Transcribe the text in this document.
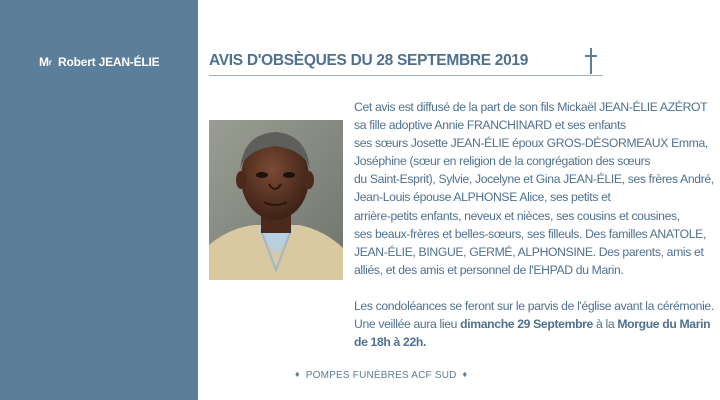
$M^r$ Robert JEAN-ÉLIE	AVIS D'OBSÈQUES DU 28 SEPTEMBRE 2019
Cet avis est diffusé de la part de son fils Mickaël JEAN-ÉLIE AZÉROT
sa fille adoptive Annie FRANCHINARD et ses enfants
ses sœurs Josette JEAN-ÉLIE époux GROS-DÉSORMEAUX Emma,
Joséphine (sœur en religion de la congrégation des sœurs
du Saint-Esprit), Sylvie, Jocelyne et Gina JEAN-ÉLIE, ses frères André,
Jean-Louis épouse ALPHONSE Alice, ses petits et
arrière-petits enfants, neveux et nièces, ses cousins et cousines,
ses beaux-frères et belles-sœurs, ses filleuls. Des familles ANATOLE,
JEAN-ÉLIE, BINGUE, GERMÉ, ALPHONSINE. Des parents, amis et
alliés, et des amis et personnel de l'EHPAD du Marin.
Les condoléances se feront sur le parvis de l'église avant la cérémonie.
Une veillée aura lieu dimanche 29 Septembre à la Morgue du Marin
de 18h à 22h.
♦ POMPES FUNÈBRES ACF SUD ♦
